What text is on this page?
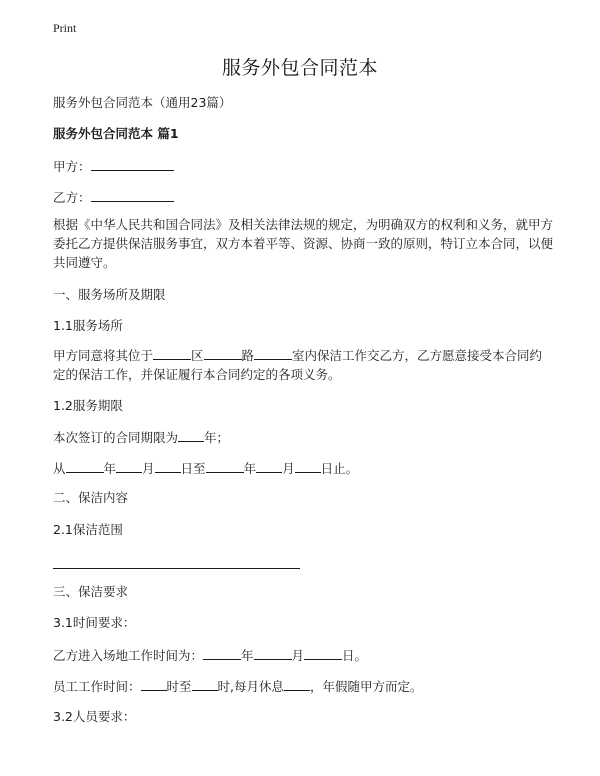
Print
服务外包合同范本
服务外包合同范本（通用23篇）
服务外包合同范本 篇1
甲方：
乙方：
根据《中华人民共和国合同法》及相关法律法规的规定，为明确双方的权利和义务，就甲方委托乙方提供保洁服务事宜，双方本着平等、资源、协商一致的原则，特订立本合同，以便共同遵守。
一、服务场所及期限
1.1服务场所
甲方同意将其位于	区	路	室内保洁工作交乙方，乙方愿意接受本合同约定的保洁工作，并保证履行本合同约定的各项义务。
1.2服务期限
本次签订的合同期限为 年；
从	年 月 日至	年 月 日止。
二、保洁内容
2.1保洁范围
三、保洁要求
3.1时间要求：
乙方进入场地工作时间为：	年	月	日。
员工工作时间： 时至 时,每月休息 ，年假随甲方而定。
3.2人员要求：
